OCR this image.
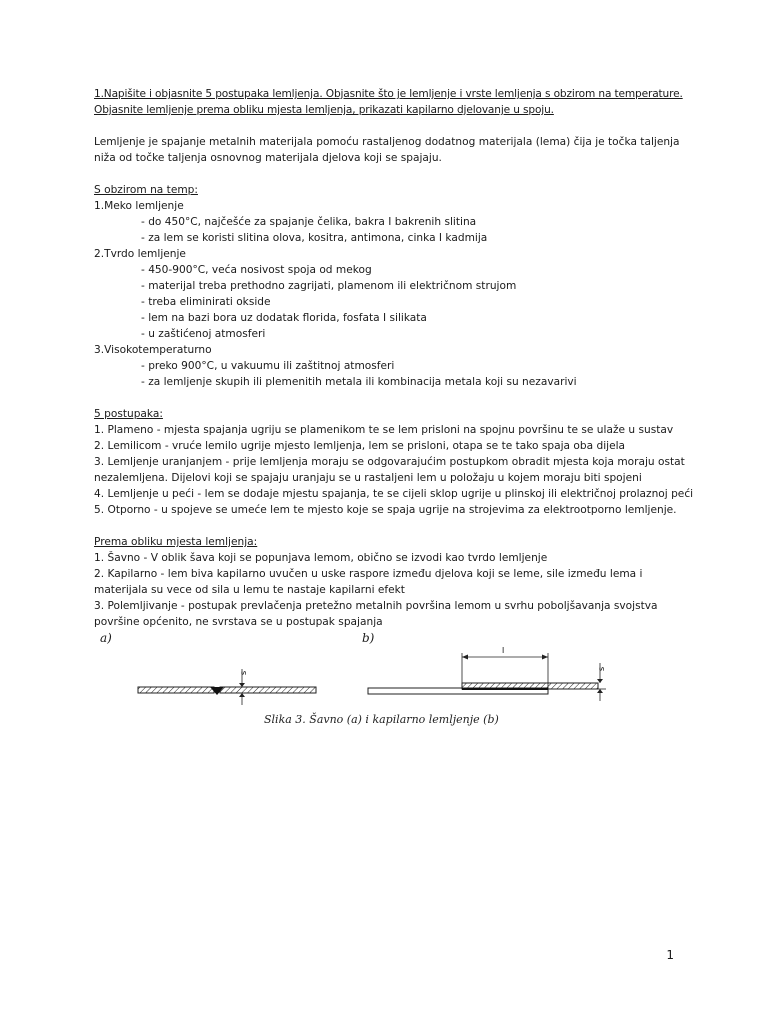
1.Napišite i objasnite 5 postupaka lemljenja. Objasnite što je lemljenje i vrste lemljenja s obzirom na temperature.
Objasnite lemljenje prema obliku mjesta lemljenja, prikazati kapilarno djelovanje u spoju.
Lemljenje je spajanje metalnih materijala pomoću rastaljenog dodatnog materijala (lema) čija je točka taljenja
niža od točke taljenja osnovnog materijala djelova koji se spajaju.
S obzirom na temp:
1.Meko lemljenje
- do 450°C, najčešće za spajanje čelika, bakra I bakrenih slitina
- za lem se koristi slitina olova, kositra, antimona, cinka I kadmija
2.Tvrdo lemljenje
- 450-900°C, veća nosivost spoja od mekog
- materijal treba prethodno zagrijati, plamenom ili električnom strujom
- treba eliminirati okside
- lem na bazi bora uz dodatak florida, fosfata I silikata
- u zaštićenoj atmosferi
3.Visokotemperaturno
- preko 900°C, u vakuumu ili zaštitnoj atmosferi
- za lemljenje skupih ili plemenitih metala ili kombinacija metala koji su nezavarivi
5 postupaka:
1. Plameno - mjesta spajanja ugriju se plamenikom te se lem prisloni na spojnu površinu te se ulaže u sustav
2. Lemilicom - vruće lemilo ugrije mjesto lemljenja, lem se prisloni, otapa se te tako spaja oba dijela
3. Lemljenje uranjanjem - prije lemljenja moraju se odgovarajućim postupkom obradit mjesta koja moraju ostat
nezalemljena. Dijelovi koji se spajaju uranjaju se u rastaljeni lem u položaju u kojem moraju biti spojeni
4. Lemljenje u peći - lem se dodaje mjestu spajanja, te se cijeli sklop ugrije u plinskoj ili električnoj prolaznoj peći
5. Otporno - u spojeve se umeće lem te mjesto koje se spaja ugrije na strojevima za elektrootporno lemljenje.
Prema obliku mjesta lemljenja:
1. Šavno - V oblik šava koji se popunjava lemom, obično se izvodi kao tvrdo lemljenje
2. Kapilarno - lem biva kapilarno uvučen u uske raspore između djelova koji se leme, sile između lema i
materijala su vece od sila u lemu te nastaje kapilarni efekt
3. Polemljivanje - postupak prevlačenja pretežno metalnih površina lemom u svrhu poboljšavanja svojstva
površine općenito, ne svrstava se u postupak spajanja
a)	b)
s
s
l
Slika 3. Šavno (a) i kapilarno lemljenje (b)
1
